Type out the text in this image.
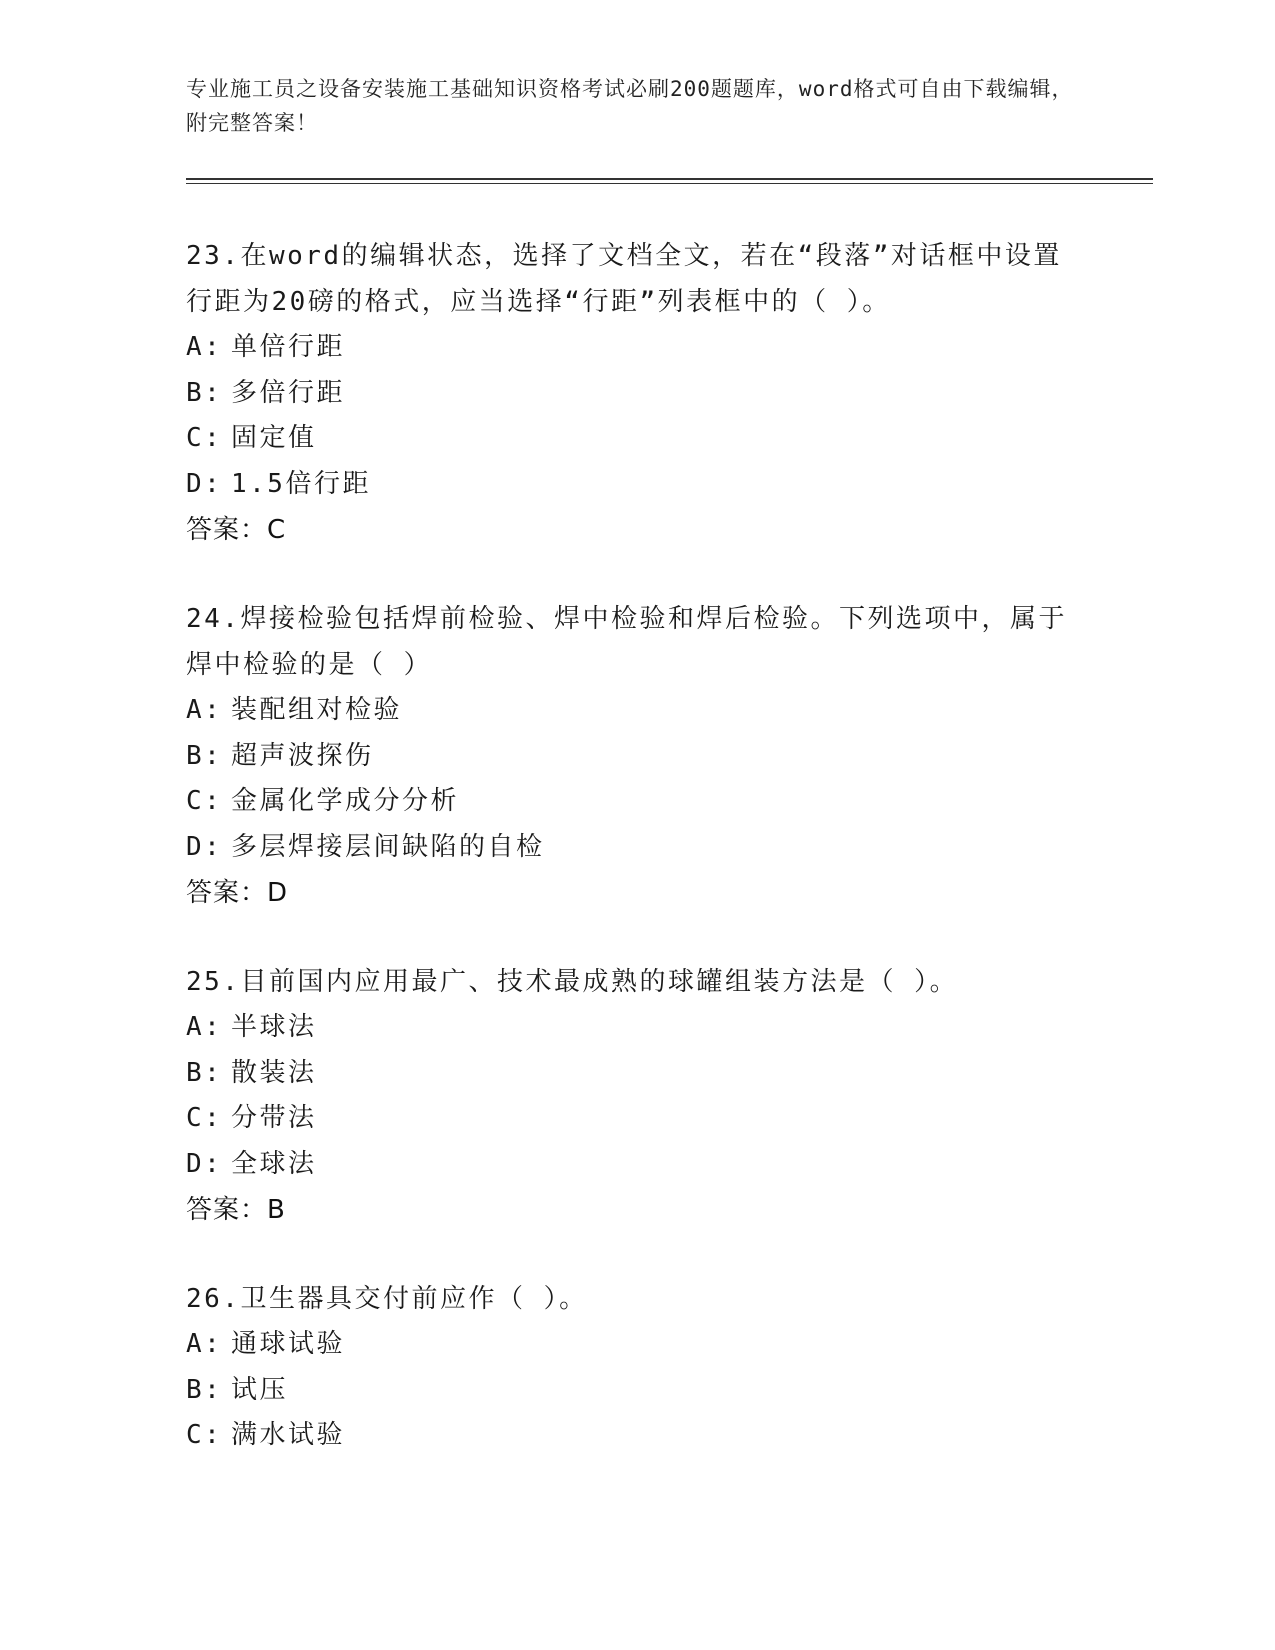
专业施工员之设备安装施工基础知识资格考试必刷200题题库，word格式可自由下载编辑，附完整答案！

23.在word的编辑状态，选择了文档全文，若在“段落”对话框中设置行距为20磅的格式，应当选择“行距”列表框中的（ ）。

A: 单倍行距
B: 多倍行距
C: 固定值
D: 1.5倍行距
答案：C

24.焊接检验包括焊前检验、焊中检验和焊后检验。下列选项中，属于焊中检验的是（ ）

A: 装配组对检验
B: 超声波探伤
C: 金属化学成分分析
D: 多层焊接层间缺陷的自检
答案：D

25.目前国内应用最广、技术最成熟的球罐组装方法是（ ）。

A: 半球法
B: 散装法
C: 分带法
D: 全球法
答案：B

26.卫生器具交付前应作（ ）。

A: 通球试验
B: 试压
C: 满水试验
